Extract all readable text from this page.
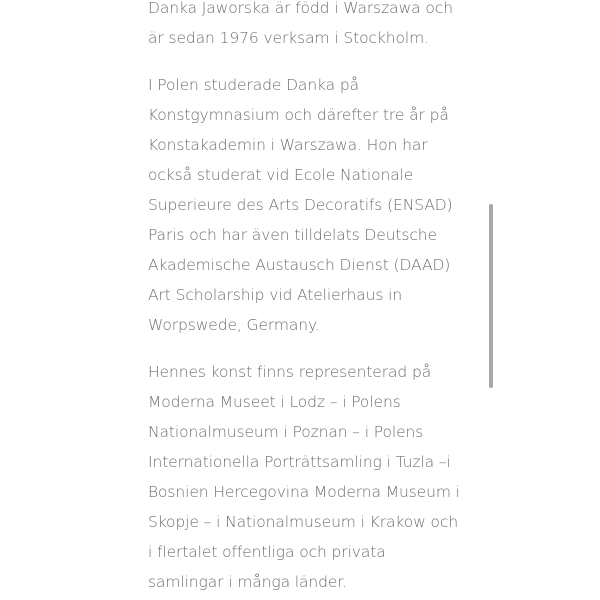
Danka Jaworska är född i Warszawa och
är sedan 1976 verksam i Stockholm.

I Polen studerade Danka på
Konstgymnasium och därefter tre år på
Konstakademin i Warszawa. Hon har
också studerat vid Ecole Nationale
Superieure des Arts Decoratifs (ENSAD)
Paris och har även tilldelats Deutsche
Akademische Austausch Dienst (DAAD)
Art Scholarship vid Atelierhaus in
Worpswede, Germany.

Hennes konst finns representerad på
Moderna Museet i Lodz – i Polens
Nationalmuseum i Poznan – i Polens
Internationella Porträttsamling i Tuzla –i
Bosnien Hercegovina Moderna Museum i
Skopje – i Nationalmuseum i Krakow och
i flertalet offentliga och privata
samlingar i många länder.
